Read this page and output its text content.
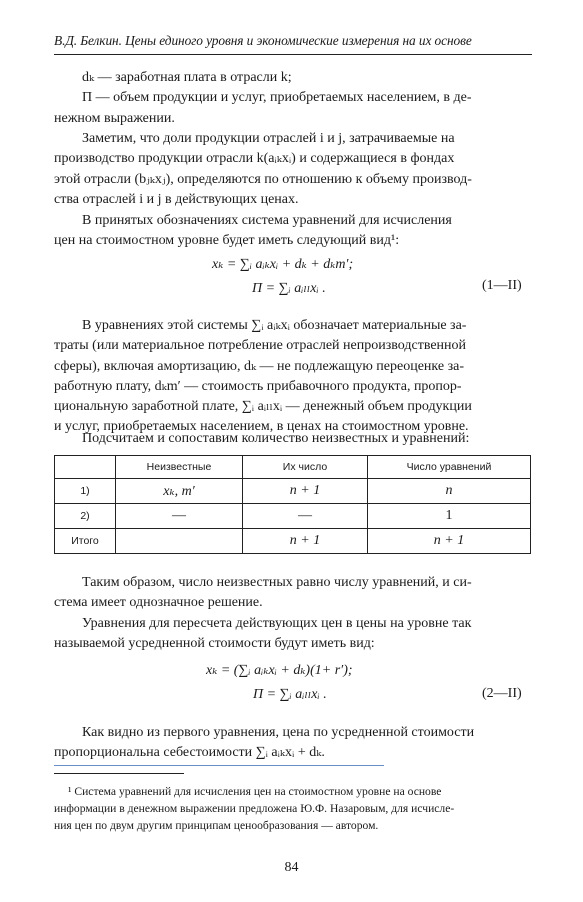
В.Д. Белкин. Цены единого уровня и экономические измерения на их основе
dₖ — заработная плата в отрасли k;
П — объем продукции и услуг, приобретаемых населением, в де-
нежном выражении.
Заметим, что доли продукции отраслей i и j, затрачиваемые на
производство продукции отрасли k(aᵢₖxᵢ) и содержащиеся в фондах
этой отрасли (bⱼₖxⱼ), определяются по отношению к объему производ-
ства отраслей i и j в действующих ценах.
В принятых обозначениях система уравнений для исчисления
цен на стоимостном уровне будет иметь следующий вид¹:
xₖ = ∑ᵢ aᵢₖxᵢ + dₖ + dₖm′;
П = ∑ᵢ aᵢₗₗxᵢ .	(1—II)
В уравнениях этой системы ∑ᵢ aᵢₖxᵢ обозначает материальные за-
траты (или материальное потребление отраслей непроизводственной
сферы), включая амортизацию, dₖ — не подлежащую переоценке за-
работную плату, dₖm′ — стоимость прибавочного продукта, пропор-
циональную заработной плате, ∑ᵢ aᵢₗₗxᵢ — денежный объем продукции
и услуг, приобретаемых населением, в ценах на стоимостном уровне.
Подсчитаем и сопоставим количество неизвестных и уравнений:
	Неизвестные	Их число	Число уравнений
1)	xₖ, m′	n + 1	n
2)	—	—	1
Итого		n + 1	n + 1
Таким образом, число неизвестных равно числу уравнений, и си-
стема имеет однозначное решение.
Уравнения для пересчета действующих цен в цены на уровне так
называемой усредненной стоимости будут иметь вид:
xₖ = (∑ᵢ aᵢₖxᵢ + dₖ)(1+ r′);
П = ∑ᵢ aᵢₗₗxᵢ .	(2—II)
Как видно из первого уравнения, цена по усредненной стоимости
пропорциональна себестоимости ∑ᵢ aᵢₖxᵢ + dₖ.
¹ Система уравнений для исчисления цен на стоимостном уровне на основе
информации в денежном выражении предложена Ю.Ф. Назаровым, для исчисле-
ния цен по двум другим принципам ценообразования — автором.
84
